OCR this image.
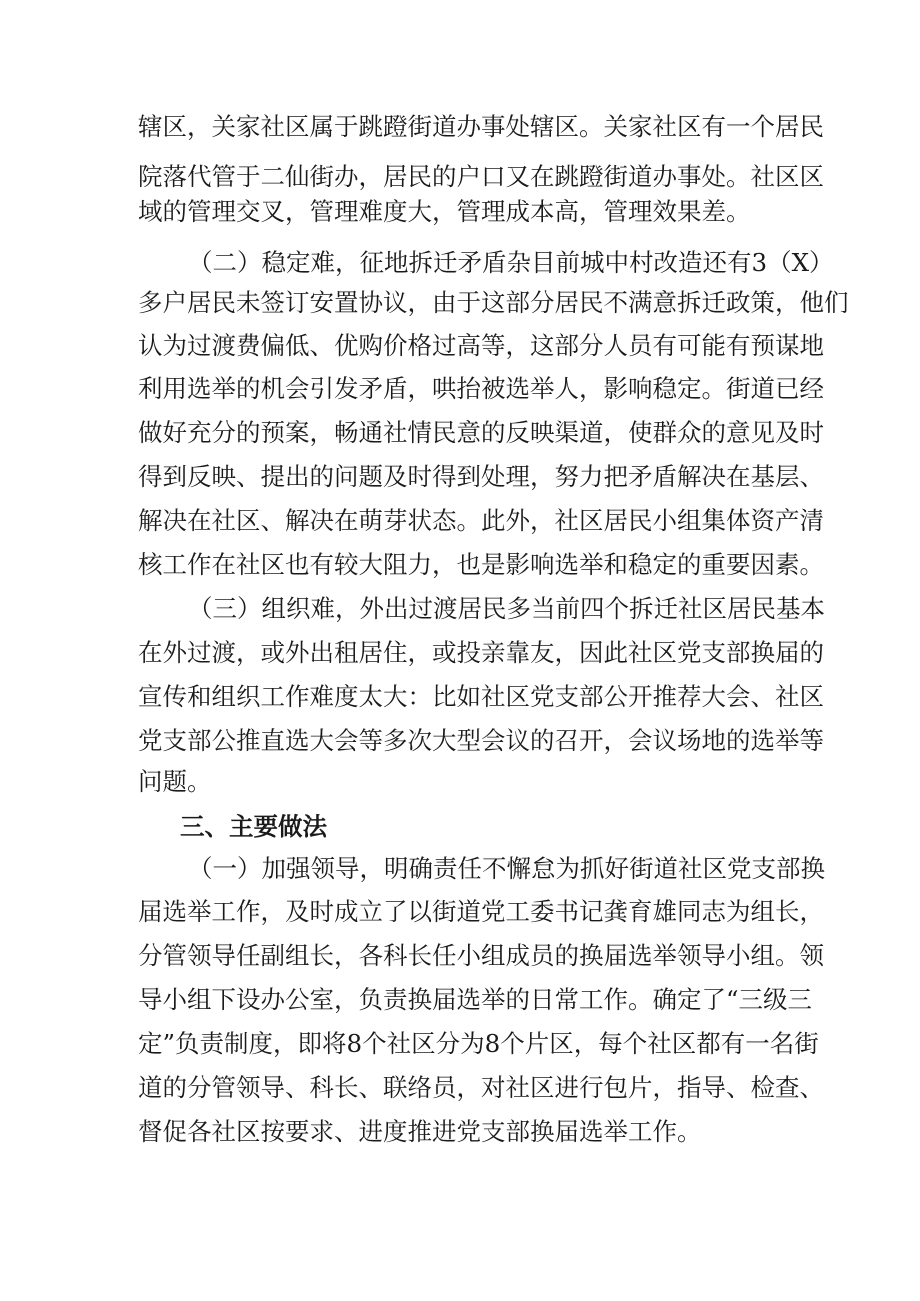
辖区，关家社区属于跳蹬街道办事处辖区。关家社区有一个居民

院落代管于二仙街办，居民的户口又在跳蹬街道办事处。社区区

域的管理交叉，管理难度大，管理成本高，管理效果差。

（二）稳定难，征地拆迁矛盾杂目前城中村改造还有3（X）

多户居民未签订安置协议，由于这部分居民不满意拆迁政策，他们

认为过渡费偏低、优购价格过高等，这部分人员有可能有预谋地

利用选举的机会引发矛盾，哄抬被选举人，影响稳定。街道已经

做好充分的预案，畅通社情民意的反映渠道，使群众的意见及时

得到反映、提出的问题及时得到处理，努力把矛盾解决在基层、

解决在社区、解决在萌芽状态。此外，社区居民小组集体资产清

核工作在社区也有较大阻力，也是影响选举和稳定的重要因素。

（三）组织难，外出过渡居民多当前四个拆迁社区居民基本

在外过渡，或外出租居住，或投亲靠友，因此社区党支部换届的

宣传和组织工作难度太大：比如社区党支部公开推荐大会、社区

党支部公推直选大会等多次大型会议的召开，会议场地的选举等

问题。

三、主要做法

（一）加强领导，明确责任不懈怠为抓好街道社区党支部换

届选举工作，及时成立了以街道党工委书记龚育雄同志为组长，

分管领导任副组长，各科长任小组成员的换届选举领导小组。领

导小组下设办公室，负责换届选举的日常工作。确定了“三级三

定”负责制度，即将8个社区分为8个片区，每个社区都有一名街

道的分管领导、科长、联络员，对社区进行包片，指导、检查、

督促各社区按要求、进度推进党支部换届选举工作。
